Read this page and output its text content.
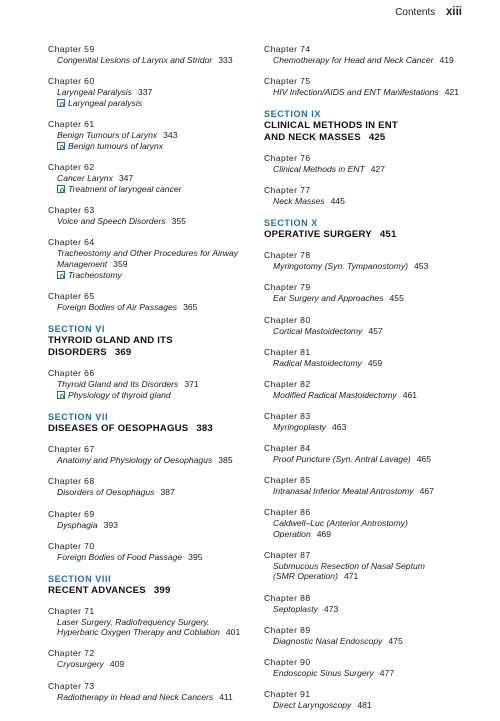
Contents xiii
Chapter 59
Congenital Lesions of Larynx and Stridor 333
Chapter 60
Laryngeal Paralysis 337
Laryngeal paralysis
Chapter 61
Benign Tumours of Larynx 343
Benign tumours of larynx
Chapter 62
Cancer Larynx 347
Treatment of laryngeal cancer
Chapter 63
Voice and Speech Disorders 355
Chapter 64
Tracheostomy and Other Procedures for Airway
Management 359
Tracheostomy
Chapter 65
Foreign Bodies of Air Passages 365
SECTION VI
THYROID GLAND AND ITS DISORDERS 369
Chapter 66
Thyroid Gland and Its Disorders 371
Physiology of thyroid gland
SECTION VII
DISEASES OF OESOPHAGUS 383
Chapter 67
Anatomy and Physiology of Oesophagus 385
Chapter 68
Disorders of Oesophagus 387
Chapter 69
Dysphagia 393
Chapter 70
Foreign Bodies of Food Passage 395
SECTION VIII
RECENT ADVANCES 399
Chapter 71
Laser Surgery, Radiofrequency Surgery,
Hyperbaric Oxygen Therapy and Coblation 401
Chapter 72
Cryosurgery 409
Chapter 73
Radiotherapy in Head and Neck Cancers 411
Chapter 74
Chemotherapy for Head and Neck Cancer 419
Chapter 75
HIV Infection/AIDS and ENT Manifestations 421
SECTION IX
CLINICAL METHODS IN ENT
AND NECK MASSES 425
Chapter 76
Clinical Methods in ENT 427
Chapter 77
Neck Masses 445
SECTION X
OPERATIVE SURGERY 451
Chapter 78
Myringotomy (Syn. Tympanostomy) 453
Chapter 79
Ear Surgery and Approaches 455
Chapter 80
Cortical Mastoidectomy 457
Chapter 81
Radical Mastoidectomy 459
Chapter 82
Modified Radical Mastoidectomy 461
Chapter 83
Myringoplasty 463
Chapter 84
Proof Puncture (Syn. Antral Lavage) 465
Chapter 85
Intranasal Inferior Meatal Antrostomy 467
Chapter 86
Caldwell–Luc (Anterior Antrostomy) Operation 469
Chapter 87
Submucous Resection of Nasal Septum
(SMR Operation) 471
Chapter 88
Septoplasty 473
Chapter 89
Diagnostic Nasal Endoscopy 475
Chapter 90
Endoscopic Sinus Surgery 477
Chapter 91
Direct Laryngoscopy 481
